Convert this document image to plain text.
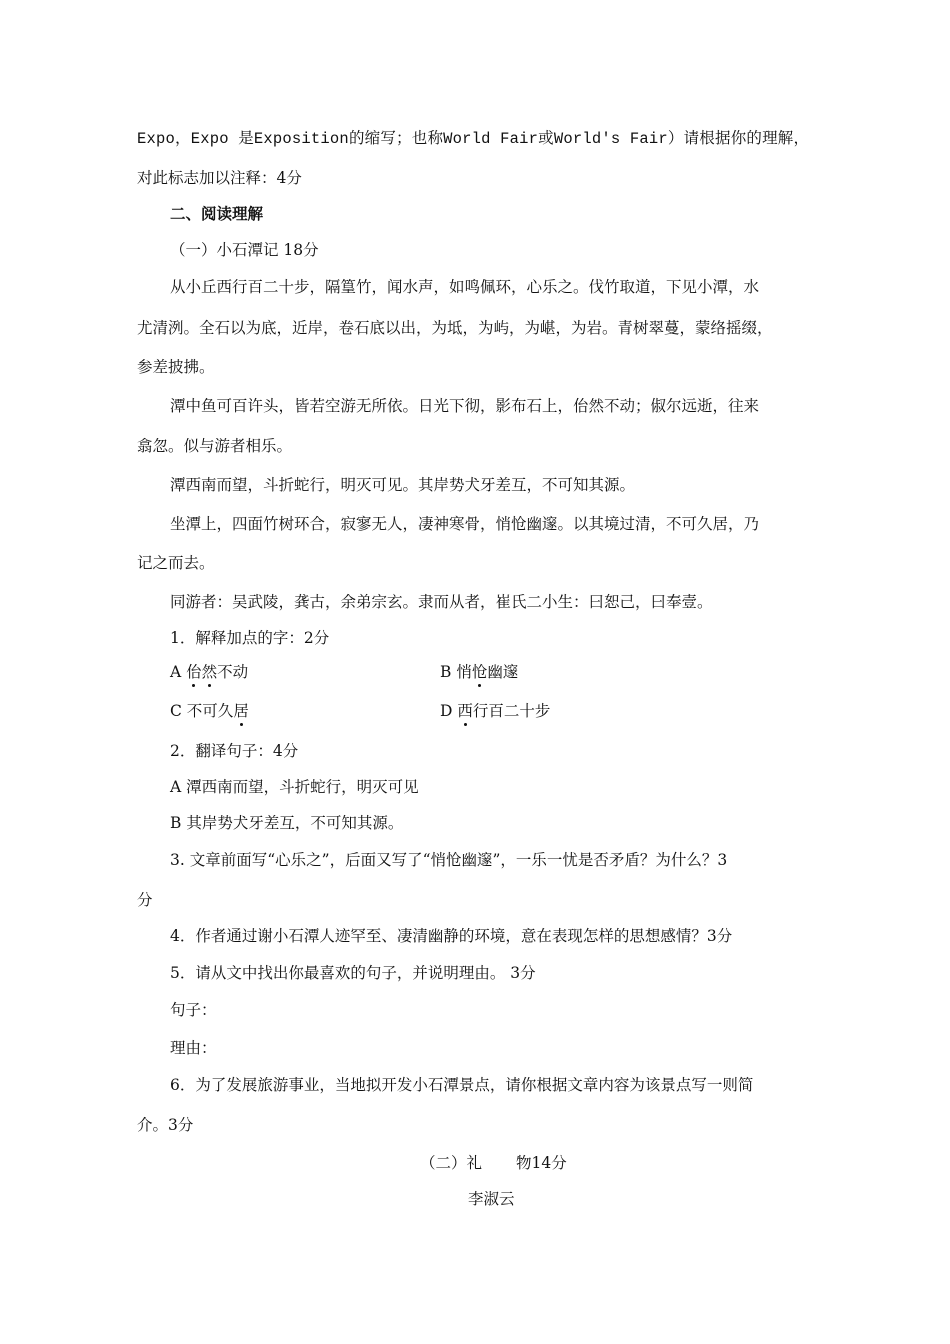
Expo，Expo 是Exposition的缩写；也称World Fair或World's Fair）请根据你的理解，
对此标志加以注释：4分
二、阅读理解
（一）小石潭记 18分
从小丘西行百二十步，隔篁竹，闻水声，如鸣佩环，心乐之。伐竹取道，下见小潭，水
尤清洌。全石以为底，近岸，卷石底以出，为坻，为屿，为嵁，为岩。青树翠蔓，蒙络摇缀，
参差披拂。
潭中鱼可百许头，皆若空游无所依。日光下彻，影布石上，佁然不动；俶尔远逝，往来
翕忽。似与游者相乐。
潭西南而望，斗折蛇行，明灭可见。其岸势犬牙差互，不可知其源。
坐潭上，四面竹树环合，寂寥无人，凄神寒骨，悄怆幽邃。以其境过清，不可久居，乃
记之而去。
同游者：吴武陵，龚古，余弟宗玄。隶而从者，崔氏二小生：曰恕己，曰奉壹。
1．解释加点的字：2分
A 佁然不动	B 悄怆幽邃
C 不可久居	D 西行百二十步
2．翻译句子：4分
A 潭西南而望，斗折蛇行，明灭可见
B 其岸势犬牙差互，不可知其源。
3. 文章前面写“心乐之”，后面又写了“悄怆幽邃”，一乐一忧是否矛盾？为什么？3
分
4．作者通过谢小石潭人迹罕至、凄清幽静的环境，意在表现怎样的思想感情？3分
5．请从文中找出你最喜欢的句子，并说明理由。 3分
句子：
理由：
6．为了发展旅游事业，当地拟开发小石潭景点，请你根据文章内容为该景点写一则简
介。3分
（二）礼 物14分
李淑云
